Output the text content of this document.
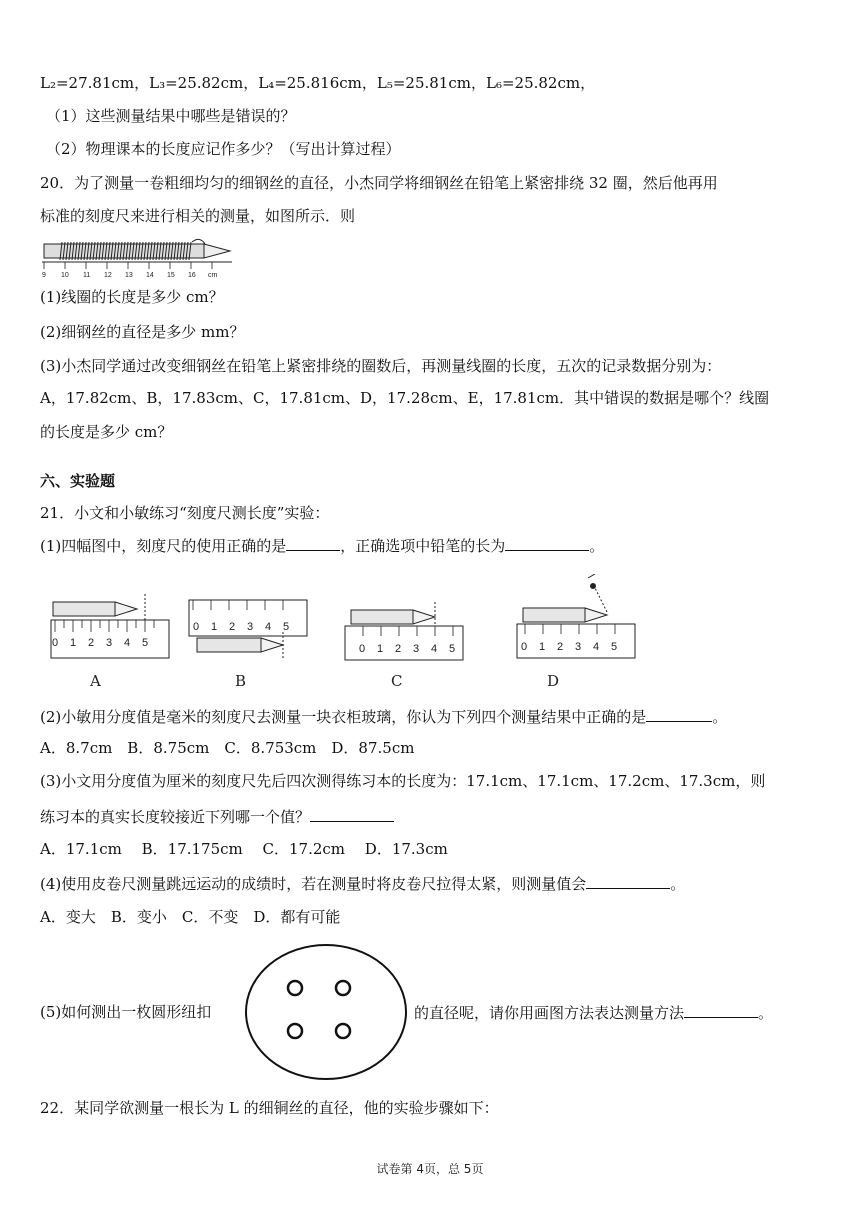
L₂=27.81cm，L₃=25.82cm，L₄=25.816cm，L₅=25.81cm，L₆=25.82cm，
（1）这些测量结果中哪些是错误的？
（2）物理课本的长度应记作多少？（写出计算过程）
20．为了测量一卷粗细均匀的细钢丝的直径，小杰同学将细钢丝在铅笔上紧密排绕 32 圈，然后他再用
标准的刻度尺来进行相关的测量，如图所示．则
9 10 11 12 13 14 15 16 cm
(1)线圈的长度是多少 cm？
(2)细钢丝的直径是多少 mm？
(3)小杰同学通过改变细钢丝在铅笔上紧密排绕的圈数后，再测量线圈的长度，五次的记录数据分别为：
A，17.82cm、B，17.83cm、C，17.81cm、D，17.28cm、E，17.81cm．其中错误的数据是哪个？线圈
的长度是多少 cm？
六、实验题
21．小文和小敏练习“刻度尺测长度”实验：
(1)四幅图中，刻度尺的使用正确的是	，正确选项中铅笔的长为	。
0 1 2 3 4 5
A
0 1 2 3 4 5
B
0 1 2 3 4 5
C
0 1 2 3 4 5
D
(2)小敏用分度值是毫米的刻度尺去测量一块衣柜玻璃，你认为下列四个测量结果中正确的是	。
A．8.7cm　B．8.75cm　C．8.753cm　D．87.5cm
(3)小文用分度值为厘米的刻度尺先后四次测得练习本的长度为：17.1cm、17.1cm、17.2cm、17.3cm，则
练习本的真实长度较接近下列哪一个值？
A．17.1cm　 B．17.175cm　 C．17.2cm　 D．17.3cm
(4)使用皮卷尺测量跳远运动的成绩时，若在测量时将皮卷尺拉得太紧，则测量值会	。
A．变大　B．变小　C．不变　D．都有可能
(5)如何测出一枚圆形纽扣	的直径呢，请你用画图方法表达测量方法	。
22．某同学欲测量一根长为 L 的细铜丝的直径，他的实验步骤如下：
试卷第 4页，总 5页
